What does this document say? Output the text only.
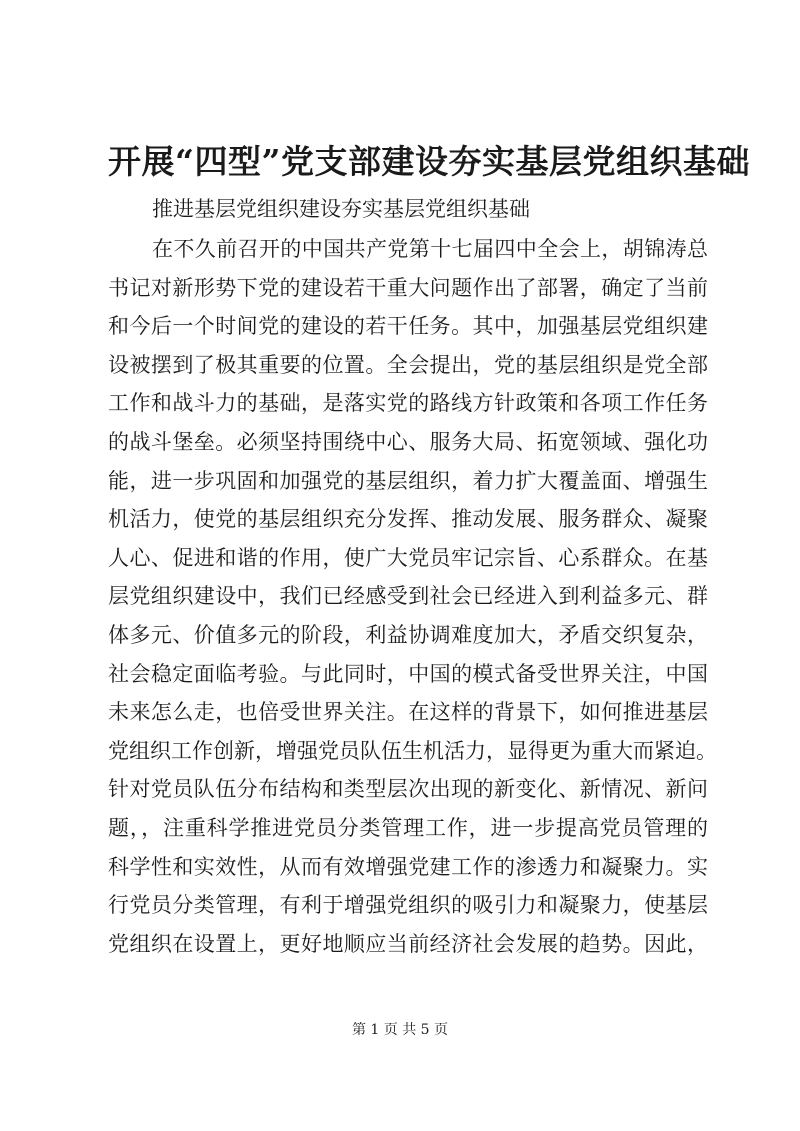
开展“四型”党支部建设夯实基层党组织基础

推进基层党组织建设夯实基层党组织基础

在不久前召开的中国共产党第十七届四中全会上，胡锦涛总
书记对新形势下党的建设若干重大问题作出了部署，确定了当前
和今后一个时间党的建设的若干任务。其中，加强基层党组织建
设被摆到了极其重要的位置。全会提出，党的基层组织是党全部
工作和战斗力的基础，是落实党的路线方针政策和各项工作任务
的战斗堡垒。必须坚持围绕中心、服务大局、拓宽领域、强化功
能，进一步巩固和加强党的基层组织，着力扩大覆盖面、增强生
机活力，使党的基层组织充分发挥、推动发展、服务群众、凝聚
人心、促进和谐的作用，使广大党员牢记宗旨、心系群众。在基
层党组织建设中，我们已经感受到社会已经进入到利益多元、群
体多元、价值多元的阶段，利益协调难度加大，矛盾交织复杂，
社会稳定面临考验。与此同时，中国的模式备受世界关注，中国
未来怎么走，也倍受世界关注。在这样的背景下，如何推进基层
党组织工作创新，增强党员队伍生机活力，显得更为重大而紧迫。
针对党员队伍分布结构和类型层次出现的新变化、新情况、新问
题，，注重科学推进党员分类管理工作，进一步提高党员管理的
科学性和实效性，从而有效增强党建工作的渗透力和凝聚力。实
行党员分类管理，有利于增强党组织的吸引力和凝聚力，使基层
党组织在设置上，更好地顺应当前经济社会发展的趋势。因此，
第 1 页 共 5 页
